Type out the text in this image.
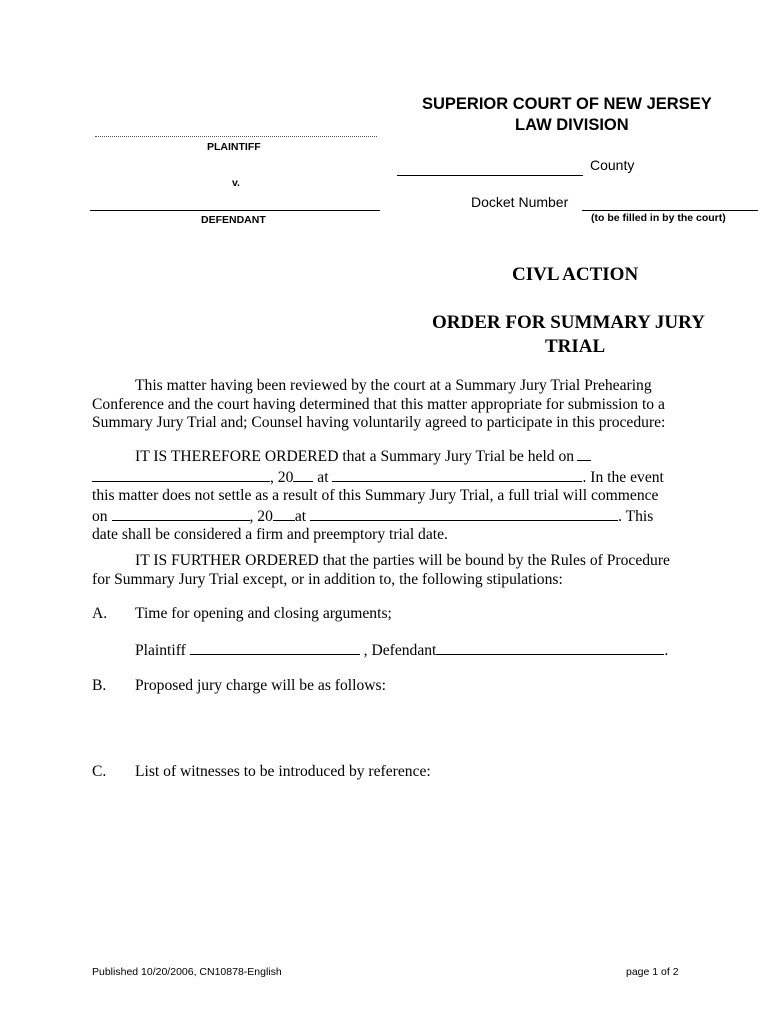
SUPERIOR COURT OF NEW JERSEY
LAW DIVISION
PLAINTIFF
v.
DEFENDANT
County
Docket Number
(to be filled in by the court)
CIVL ACTION
ORDER FOR SUMMARY JURY
TRIAL
This matter having been reviewed by the court at a Summary Jury Trial Prehearing
Conference and the court having determined that this matter appropriate for submission to a
Summary Jury Trial and; Counsel having voluntarily agreed to participate in this procedure:
IT IS THEREFORE ORDERED that a Summary Jury Trial be held on
, 20 at	. In the event
this matter does not settle as a result of this Summary Jury Trial, a full trial will commence
on	, 20 at	. This
date shall be considered a firm and preemptory trial date.
IT IS FURTHER ORDERED that the parties will be bound by the Rules of Procedure
for Summary Jury Trial except, or in addition to, the following stipulations:
A. Time for opening and closing arguments;
Plaintiff	, Defendant	.
B. Proposed jury charge will be as follows:
C. List of witnesses to be introduced by reference:
Published 10/20/2006, CN10878-English	page 1 of 2
